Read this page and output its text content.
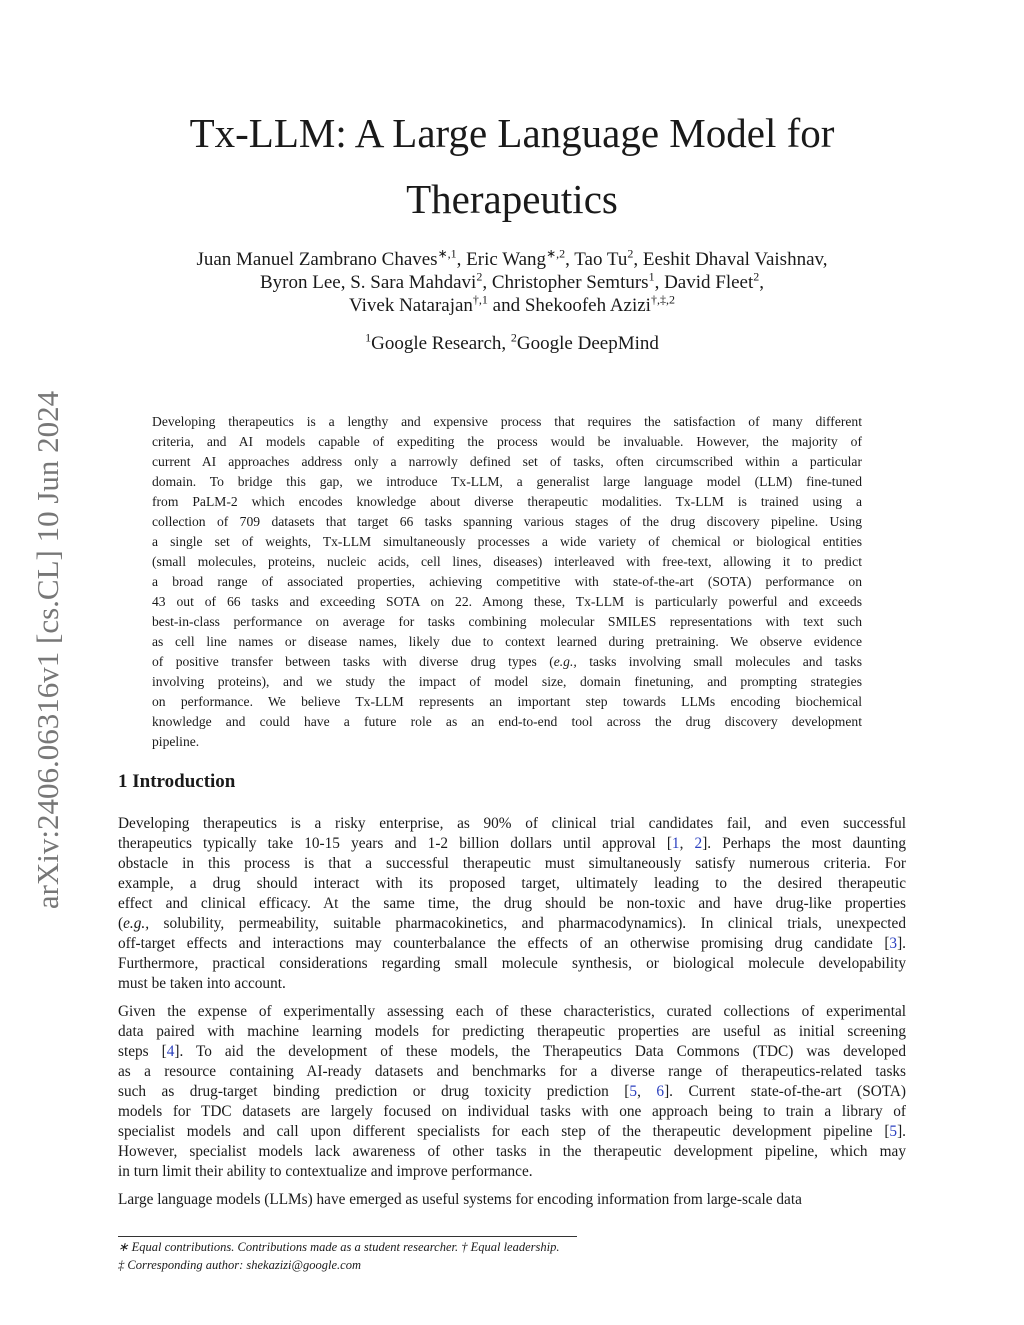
arXiv:2406.06316v1 [cs.CL] 10 Jun 2024
Tx-LLM: A Large Language Model for
Therapeutics
Juan Manuel Zambrano Chaves$^{∗,1}$, Eric Wang$^{∗,2}$, Tao Tu$^2$, Eeshit Dhaval Vaishnav,
Byron Lee, S. Sara Mahdavi$^2$, Christopher Semturs$^1$, David Fleet$^2$,
Vivek Natarajan$^{\dagger,1}$ and Shekoofeh Azizi$^{\dagger,\ddagger,2}$
$^1$Google Research, $^2$Google DeepMind
Developing therapeutics is a lengthy and expensive process that requires the satisfaction of many different
criteria, and AI models capable of expediting the process would be invaluable. However, the majority of
current AI approaches address only a narrowly defined set of tasks, often circumscribed within a particular
domain. To bridge this gap, we introduce Tx-LLM, a generalist large language model (LLM) fine-tuned
from PaLM-2 which encodes knowledge about diverse therapeutic modalities. Tx-LLM is trained using a
collection of 709 datasets that target 66 tasks spanning various stages of the drug discovery pipeline. Using
a single set of weights, Tx-LLM simultaneously processes a wide variety of chemical or biological entities
(small molecules, proteins, nucleic acids, cell lines, diseases) interleaved with free-text, allowing it to predict
a broad range of associated properties, achieving competitive with state-of-the-art (SOTA) performance on
43 out of 66 tasks and exceeding SOTA on 22. Among these, Tx-LLM is particularly powerful and exceeds
best-in-class performance on average for tasks combining molecular SMILES representations with text such
as cell line names or disease names, likely due to context learned during pretraining. We observe evidence
of positive transfer between tasks with diverse drug types (e.g., tasks involving small molecules and tasks
involving proteins), and we study the impact of model size, domain finetuning, and prompting strategies
on performance. We believe Tx-LLM represents an important step towards LLMs encoding biochemical
knowledge and could have a future role as an end-to-end tool across the drug discovery development
pipeline.
1 Introduction
Developing therapeutics is a risky enterprise, as 90% of clinical trial candidates fail, and even successful
therapeutics typically take 10-15 years and 1-2 billion dollars until approval [1, 2]. Perhaps the most daunting
obstacle in this process is that a successful therapeutic must simultaneously satisfy numerous criteria. For
example, a drug should interact with its proposed target, ultimately leading to the desired therapeutic
effect and clinical efficacy. At the same time, the drug should be non-toxic and have drug-like properties
(e.g., solubility, permeability, suitable pharmacokinetics, and pharmacodynamics). In clinical trials, unexpected
off-target effects and interactions may counterbalance the effects of an otherwise promising drug candidate [3].
Furthermore, practical considerations regarding small molecule synthesis, or biological molecule developability
must be taken into account.
Given the expense of experimentally assessing each of these characteristics, curated collections of experimental
data paired with machine learning models for predicting therapeutic properties are useful as initial screening
steps [4]. To aid the development of these models, the Therapeutics Data Commons (TDC) was developed
as a resource containing AI-ready datasets and benchmarks for a diverse range of therapeutics-related tasks
such as drug-target binding prediction or drug toxicity prediction [5, 6]. Current state-of-the-art (SOTA)
models for TDC datasets are largely focused on individual tasks with one approach being to train a library of
specialist models and call upon different specialists for each step of the therapeutic development pipeline [5].
However, specialist models lack awareness of other tasks in the therapeutic development pipeline, which may
in turn limit their ability to contextualize and improve performance.
Large language models (LLMs) have emerged as useful systems for encoding information from large-scale data
∗ Equal contributions. Contributions made as a student researcher. † Equal leadership.
‡ Corresponding author: shekazizi@google.com
